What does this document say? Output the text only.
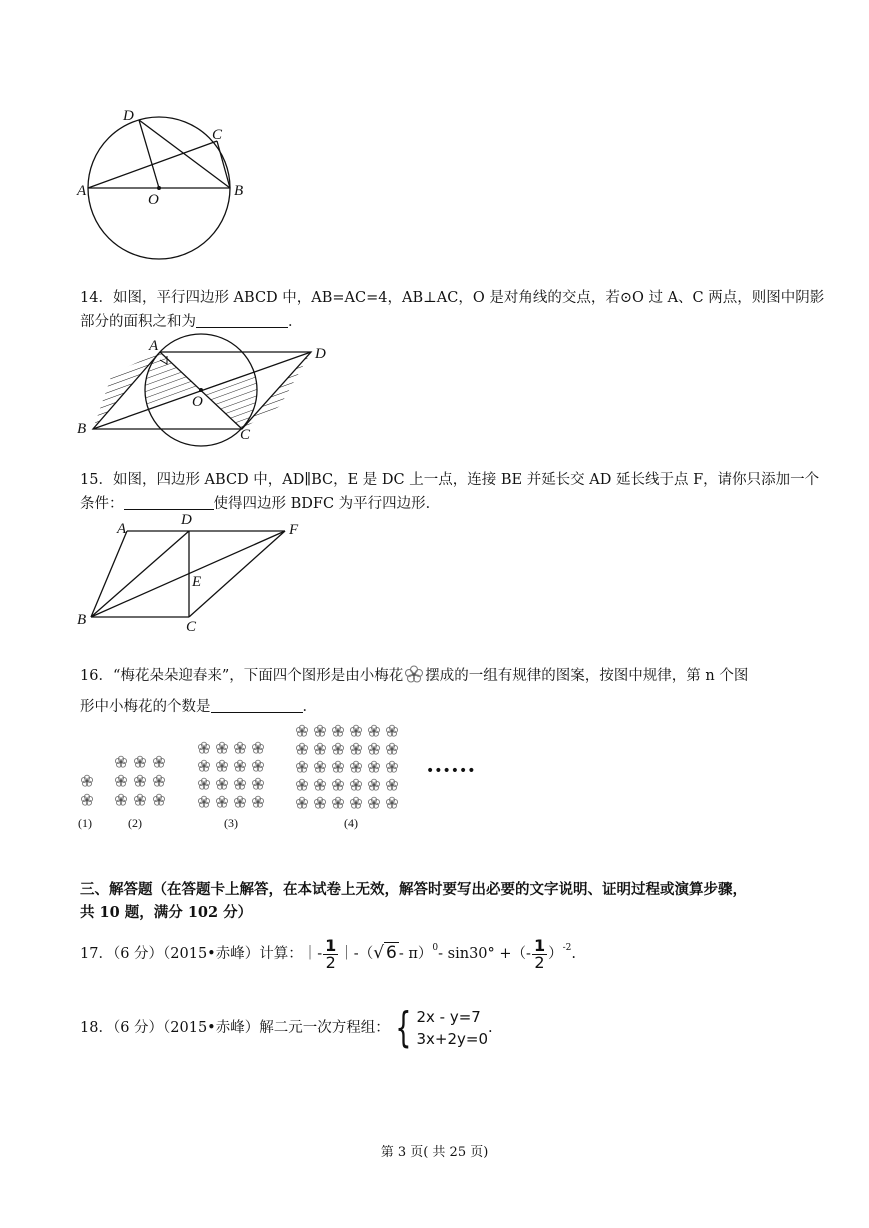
D
C
A
O
B
14．如图，平行四边形 ABCD 中，AB=AC=4，AB⊥AC，O 是对角线的交点，若⊙O 过 A、C 两点，则图中阴影
部分的面积之和为	．
A	D
O
B	C
15．如图，四边形 ABCD 中，AD∥BC，E 是 DC 上一点，连接 BE 并延长交 AD 延长线于点 F，请你只添加一个
条件：	使得四边形 BDFC 为平行四边形．
A
D
F
E
B	C
16．“梅花朵朵迎春来”，下面四个图形是由小梅花 摆成的一组有规律的图案，按图中规律，第 n 个图
形中小梅花的个数是	．
(1)	(2)	(3)	(4)
••••••
三、解答题（在答题卡上解答，在本试卷上无效，解答时要写出必要的文字说明、证明过程或演算步骤，
共 10 题，满分 102 分）
17．（6 分）（2015•赤峰）计算：｜- $\frac{1}{2}$ ｜-（√ 6 - π）$^0$- sin30° +（- $\frac{1}{2} )^{-2}$.
18．（6 分）（2015•赤峰）解二元一次方程组： { 2x - y=7
3x+2y=0
.
第 3 页( 共 25 页)
